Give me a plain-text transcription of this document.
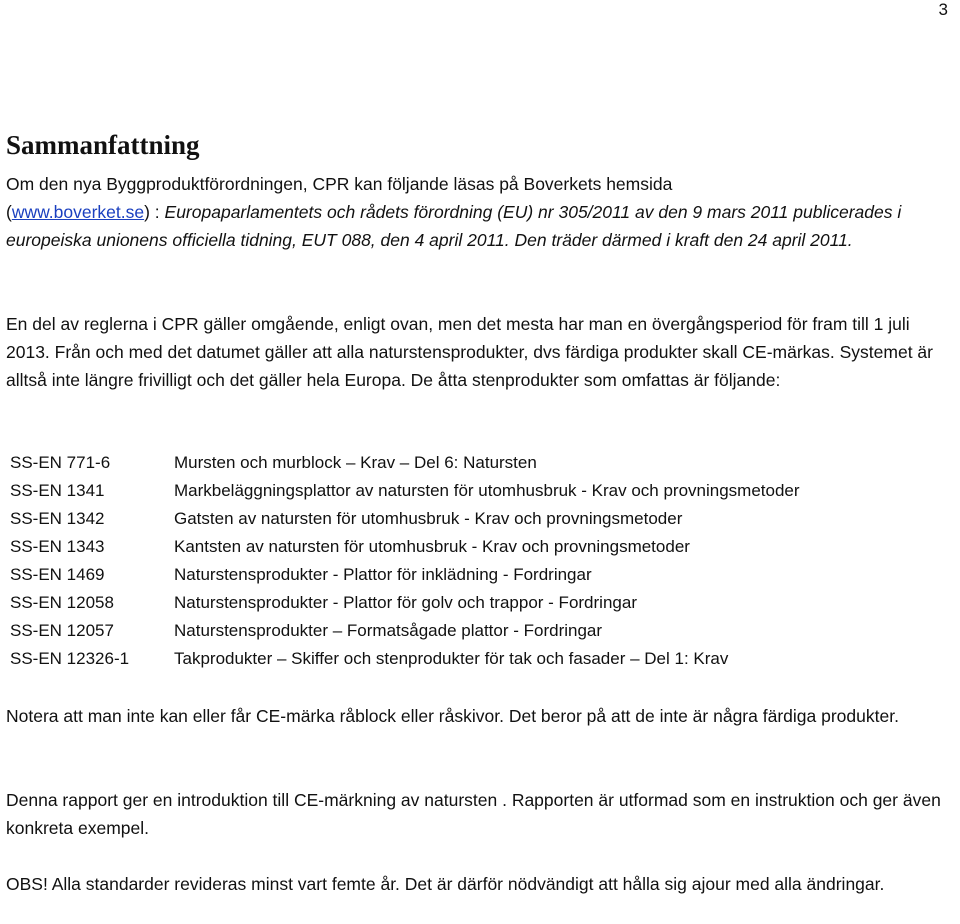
3
Sammanfattning
Om den nya Byggproduktförordningen, CPR kan följande läsas på Boverkets hemsida
(www.boverket.se) : Europaparlamentets och rådets förordning (EU) nr 305/2011 av den 9 mars 2011 publicerades i europeiska unionens officiella tidning, EUT 088, den 4 april 2011. Den träder därmed i kraft den 24 april 2011.

En del av reglerna i CPR gäller omgående, enligt ovan, men det mesta har man en övergångsperiod för fram till 1 juli 2013. Från och med det datumet gäller att alla naturstensprodukter, dvs färdiga produkter skall CE-märkas. Systemet är alltså inte längre frivilligt och det gäller hela Europa. De åtta stenprodukter som omfattas är följande:

SS-EN 771-6	Mursten och murblock – Krav – Del 6: Natursten
SS-EN 1341	Markbeläggningsplattor av natursten för utomhusbruk - Krav och provningsmetoder
SS-EN 1342	Gatsten av natursten för utomhusbruk - Krav och provningsmetoder
SS-EN 1343	Kantsten av natursten för utomhusbruk - Krav och provningsmetoder
SS-EN 1469	Naturstensprodukter - Plattor för inklädning - Fordringar
SS-EN 12058	Naturstensprodukter - Plattor för golv och trappor - Fordringar
SS-EN 12057	Naturstensprodukter – Formatsågade plattor - Fordringar
SS-EN 12326-1	Takprodukter – Skiffer och stenprodukter för tak och fasader – Del 1: Krav

Notera att man inte kan eller får CE-märka råblock eller råskivor. Det beror på att de inte är några färdiga produkter.

Denna rapport ger en introduktion till CE-märkning av natursten . Rapporten är utformad som en instruktion och ger även konkreta exempel.

OBS! Alla standarder revideras minst vart femte år. Det är därför nödvändigt att hålla sig ajour med alla ändringar.
